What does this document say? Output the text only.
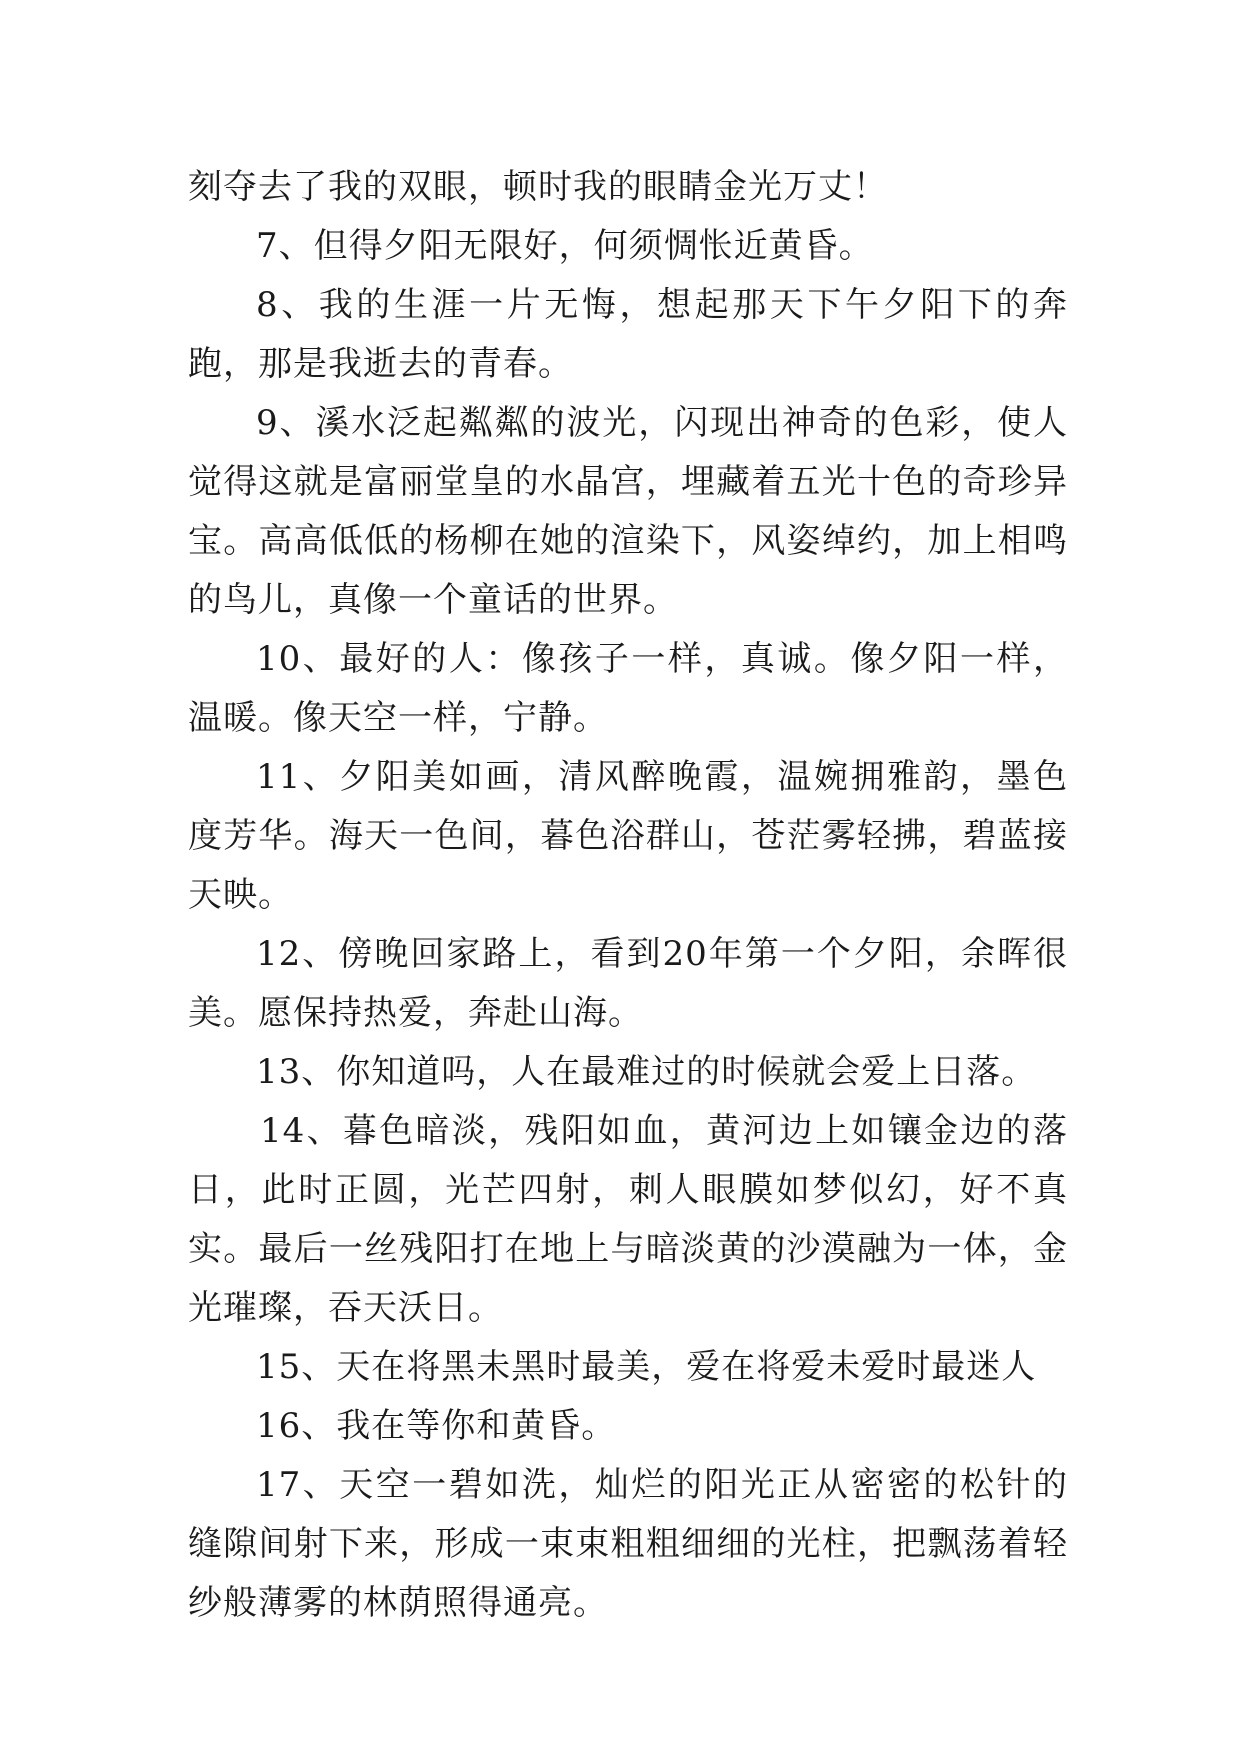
刻夺去了我的双眼，顿时我的眼睛金光万丈！

7、但得夕阳无限好，何须惆怅近黄昏。

8、我的生涯一片无悔，想起那天下午夕阳下的奔跑，那是我逝去的青春。

9、溪水泛起粼粼的波光，闪现出神奇的色彩，使人觉得这就是富丽堂皇的水晶宫，埋藏着五光十色的奇珍异宝。高高低低的杨柳在她的渲染下，风姿绰约，加上相鸣的鸟儿，真像一个童话的世界。

10、最好的人：像孩子一样，真诚。像夕阳一样，温暖。像天空一样，宁静。

11、夕阳美如画，清风醉晚霞，温婉拥雅韵，墨色度芳华。海天一色间，暮色浴群山，苍茫雾轻拂，碧蓝接天映。

12、傍晚回家路上，看到20年第一个夕阳，余晖很美。愿保持热爱，奔赴山海。

13、你知道吗，人在最难过的时候就会爱上日落。

14、暮色暗淡，残阳如血，黄河边上如镶金边的落日，此时正圆，光芒四射，刺人眼膜如梦似幻，好不真实。最后一丝残阳打在地上与暗淡黄的沙漠融为一体，金光璀璨，吞天沃日。

15、天在将黑未黑时最美，爱在将爱未爱时最迷人

16、我在等你和黄昏。

17、天空一碧如洗，灿烂的阳光正从密密的松针的缝隙间射下来，形成一束束粗粗细细的光柱，把飘荡着轻纱般薄雾的林荫照得通亮。
